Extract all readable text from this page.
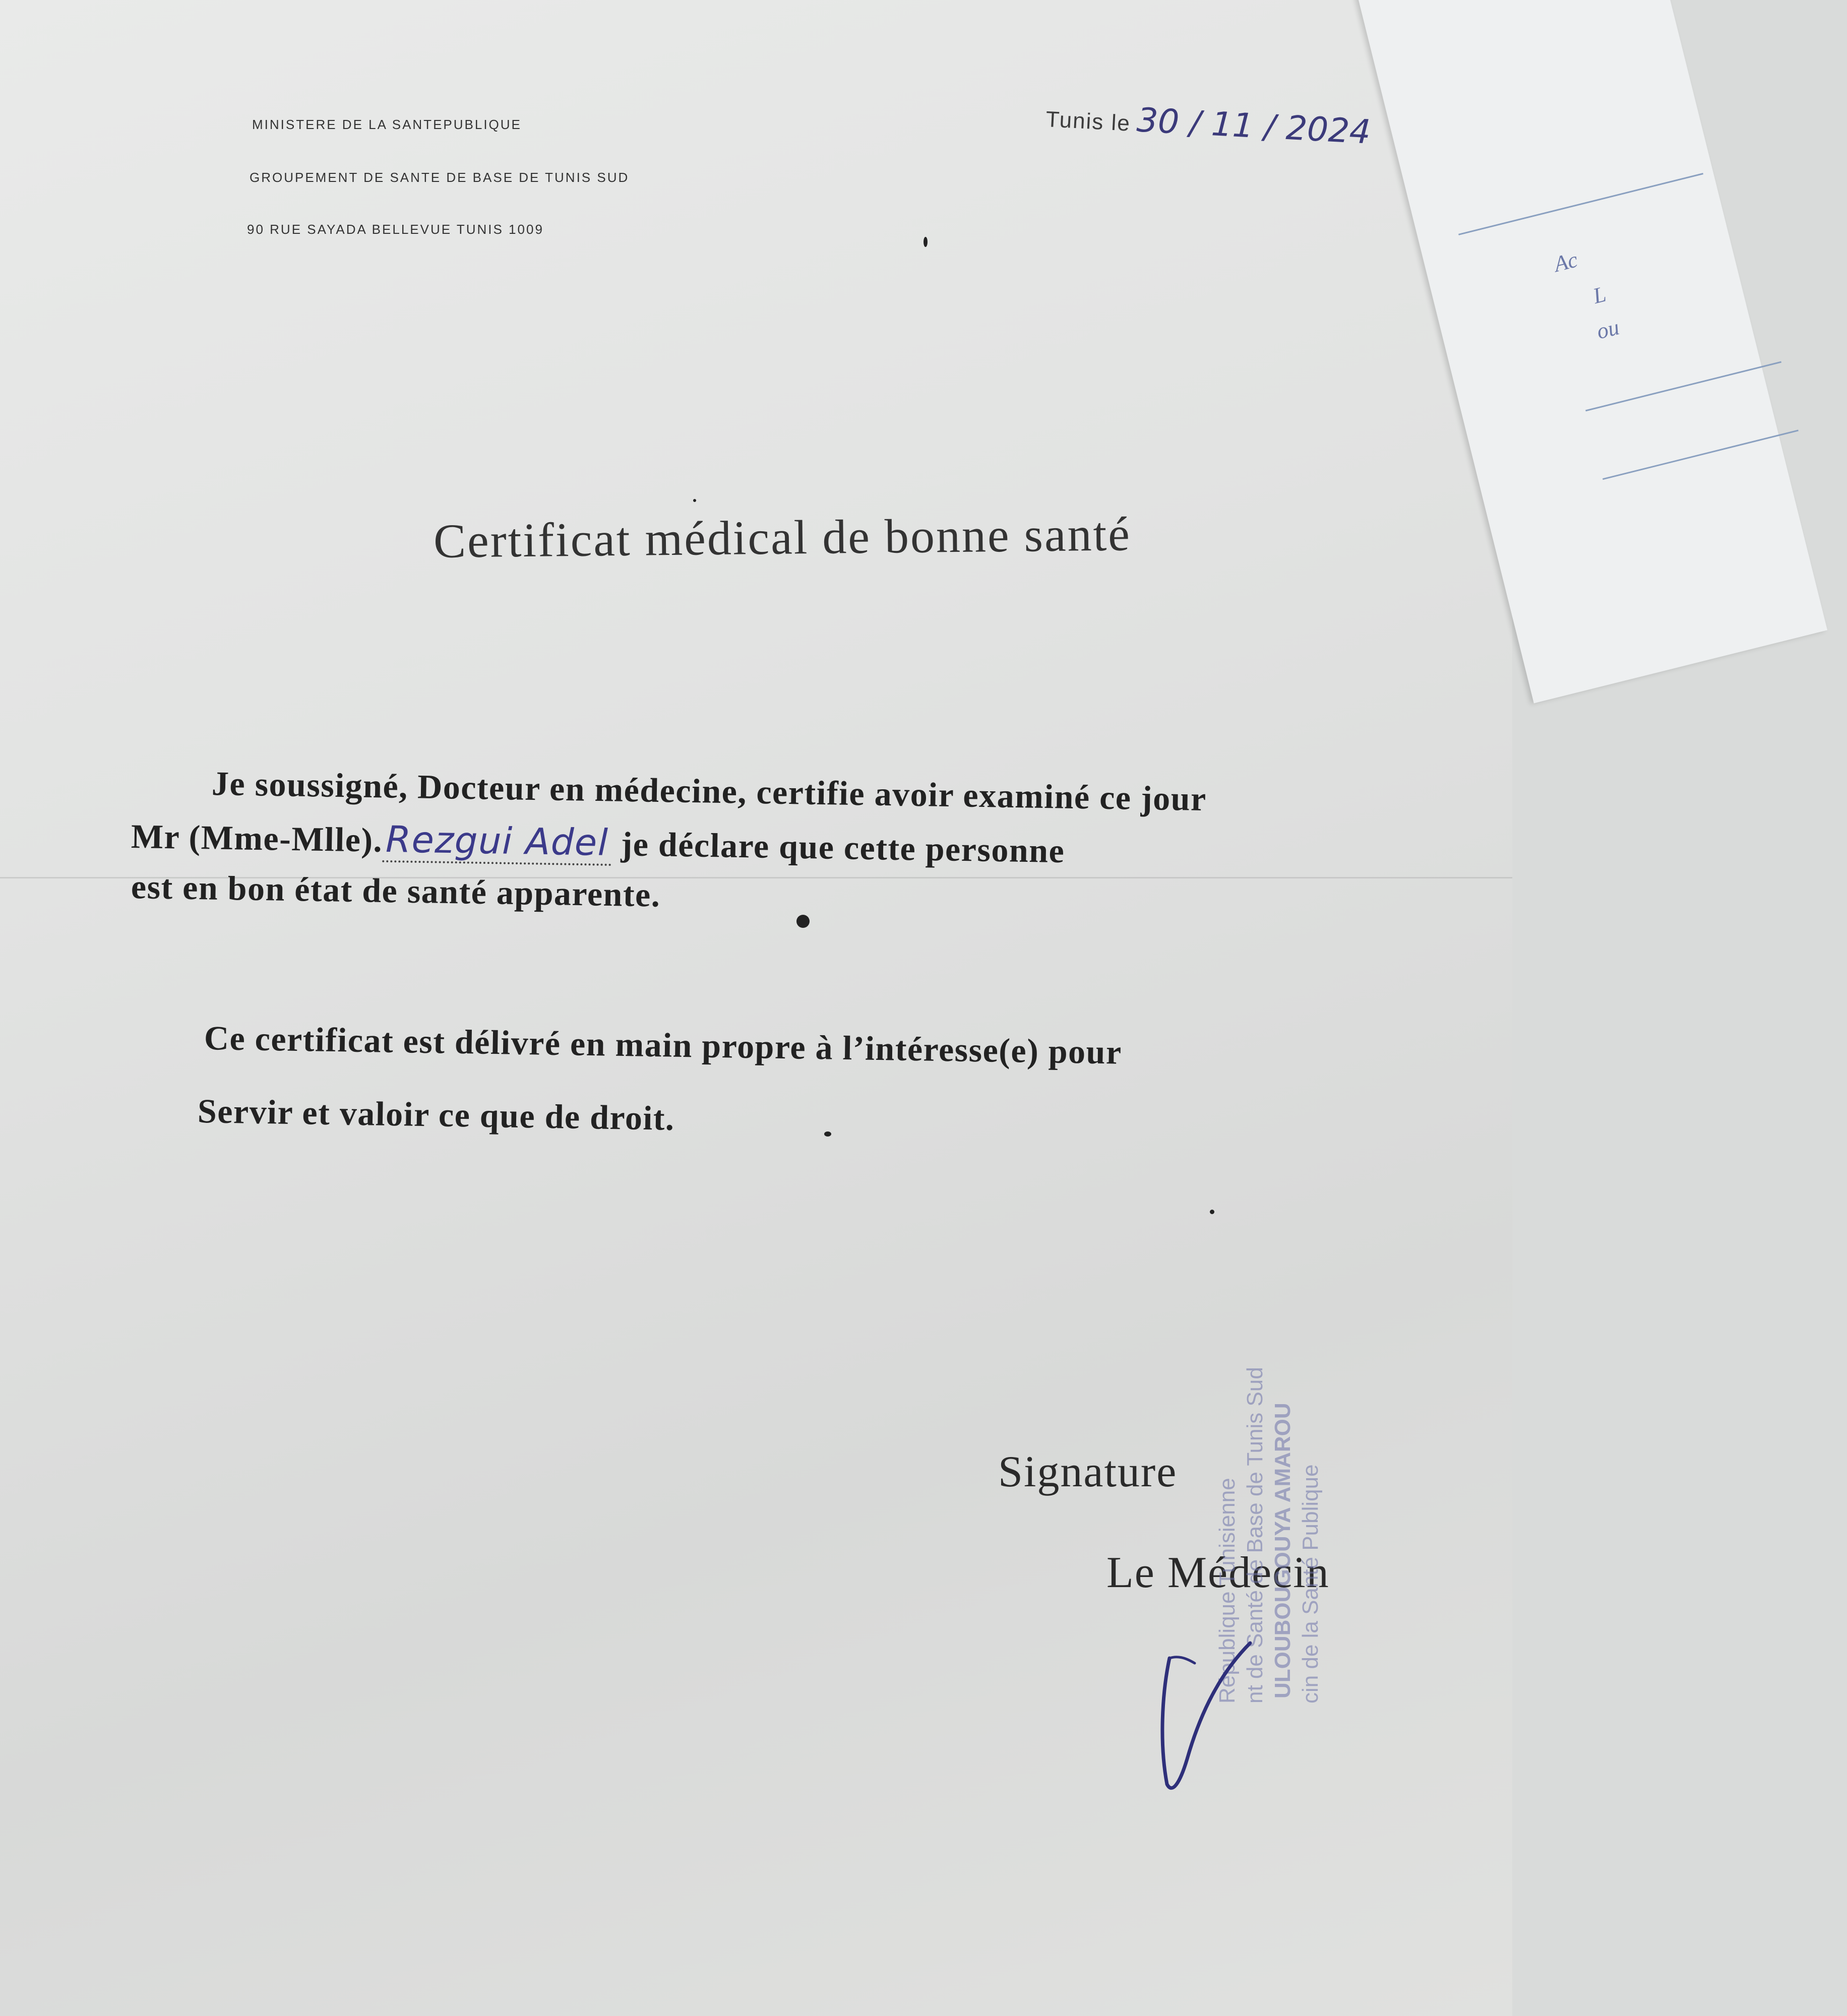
Ac
L
ou
MINISTERE DE LA SANTEPUBLIQUE
GROUPEMENT DE SANTE DE BASE DE TUNIS SUD
90 RUE SAYADA BELLEVUE TUNIS 1009
Tunis le 30 / 11 / 2024
Certificat médical de bonne santé
Je soussigné, Docteur en médecine, certifie avoir examiné ce jour
Mr (Mme-Mlle).Rezgui Adel je déclare que cette personne
est en bon état de santé apparente.
Ce certificat est délivré en main propre à l’intéresse(e) pour
Servir et valoir ce que de droit.
Signature
Le Médecin
République Tunisienne nt de Santé de Base de Tunis Sud ULOUBOUGOUYA AMAROU cin de la Santé Publique
